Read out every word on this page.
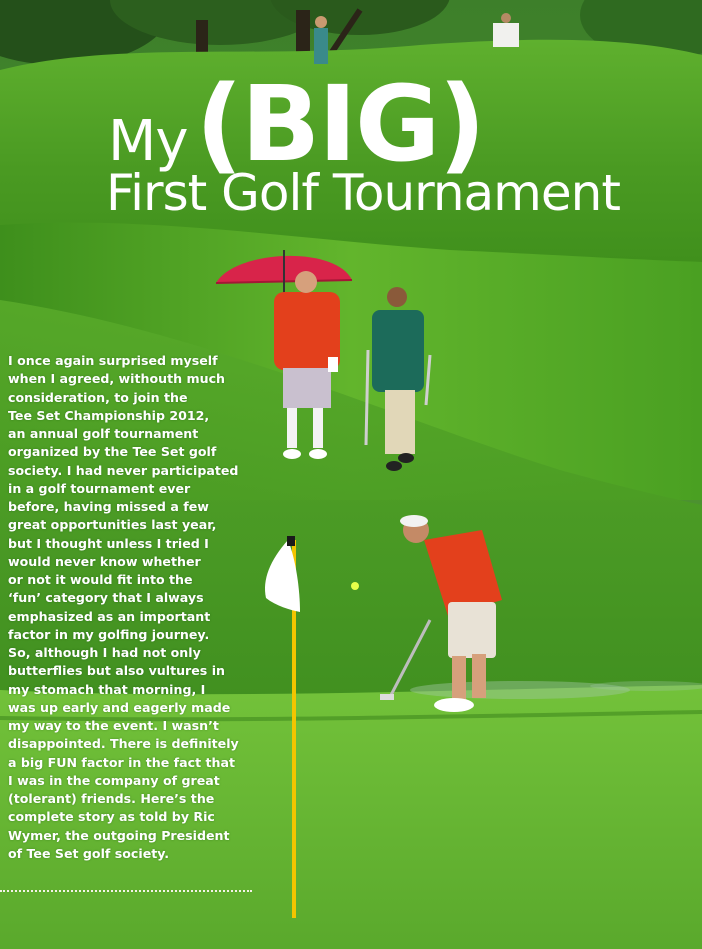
My(BIG)
First Golf Tournament

I once again surprised myself
when I agreed, withouth much
consideration, to join the
Tee Set Championship 2012,
an annual golf tournament
organized by the Tee Set golf
society. I had never participated
in a golf tournament ever
before, having missed a few
great opportunities last year,
but I thought unless I tried I
would never know whether
or not it would fit into the
‘fun’ category that I always
emphasized as an important
factor in my golfing journey.
So, although I had not only
butterflies but also vultures in
my stomach that morning, I
was up early and eagerly made
my way to the event. I wasn’t
disappointed. There is definitely
a big FUN factor in the fact that
I was in the company of great
(tolerant) friends. Here’s the
complete story as told by Ric
Wymer, the outgoing President
of Tee Set golf society.
